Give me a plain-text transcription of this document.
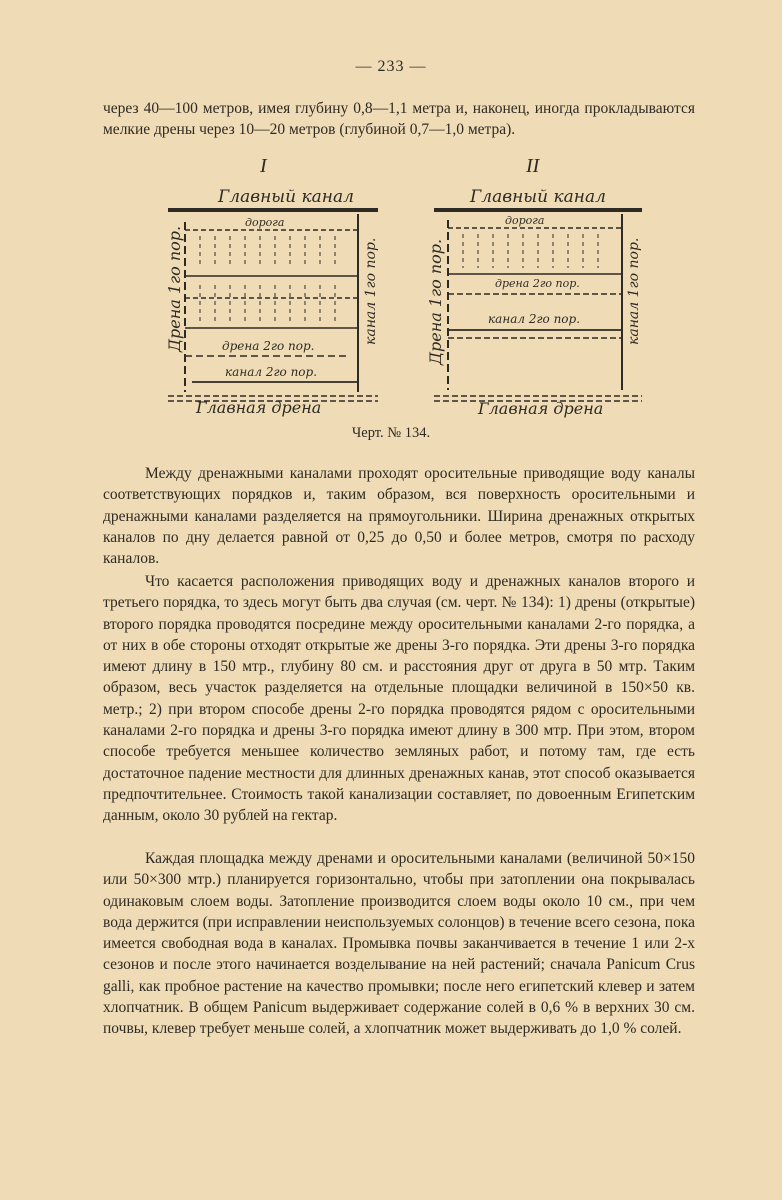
— 233 —

через 40—100 метров, имея глубину 0,8—1,1 метра и, наконец, иногда прокладываются мелкие дрены через 10—20 метров (глубиной 0,7—1,0 метра).

I
Главный канал
дорога
дрена 2го пор.
канал 2го пор.
Дрена 1го пор.	канал 1го пор.
Главная дрена
II
Главный канал
дорога
дрена 2го пор.
канал 2го пор.
Дрена 1го пор.	канал 1го пор.
Главная дрена
Черт. № 134.

Между дренажными каналами проходят оросительные приводящие воду каналы соответствующих порядков и, таким образом, вся поверхность оросительными и дренажными каналами разделяется на прямоугольники. Ширина дренажных открытых каналов по дну делается равной от 0,25 до 0,50 и более метров, смотря по расходу каналов.

Что касается расположения приводящих воду и дренажных каналов второго и третьего порядка, то здесь могут быть два случая (см. черт. № 134): 1) дрены (открытые) второго порядка проводятся посредине между оросительными каналами 2-го порядка, а от них в обе стороны отходят открытые же дрены 3-го порядка. Эти дрены 3-го порядка имеют длину в 150 мтр., глубину 80 см. и расстояния друг от друга в 50 мтр. Таким образом, весь участок разделяется на отдельные площадки величиной в 150×50 кв. метр.; 2) при втором способе дрены 2-го порядка проводятся рядом с оросительными каналами 2-го порядка и дрены 3-го порядка имеют длину в 300 мтр. При этом, втором способе требуется меньшее количество земляных работ, и потому там, где есть достаточное падение местности для длинных дренажных канав, этот способ оказывается предпочтительнее. Стоимость такой канализации составляет, по довоенным Египетским данным, около 30 рублей на гектар.

Каждая площадка между дренами и оросительными каналами (величиной 50×150 или 50×300 мтр.) планируется горизонтально, чтобы при затоплении она покрывалась одинаковым слоем воды. Затопление производится слоем воды около 10 см., при чем вода держится (при исправлении неиспользуемых солонцов) в течение всего сезона, пока имеется свободная вода в каналах. Промывка почвы заканчивается в течение 1 или 2-х сезонов и после этого начинается возделывание на ней растений; сначала Panicum Crus galli, как пробное растение на качество промывки; после него египетский клевер и затем хлопчатник. В общем Panicum выдерживает содержание солей в 0,6 % в верхних 30 см. почвы, клевер требует меньше солей, а хлопчатник может выдерживать до 1,0 % солей.
